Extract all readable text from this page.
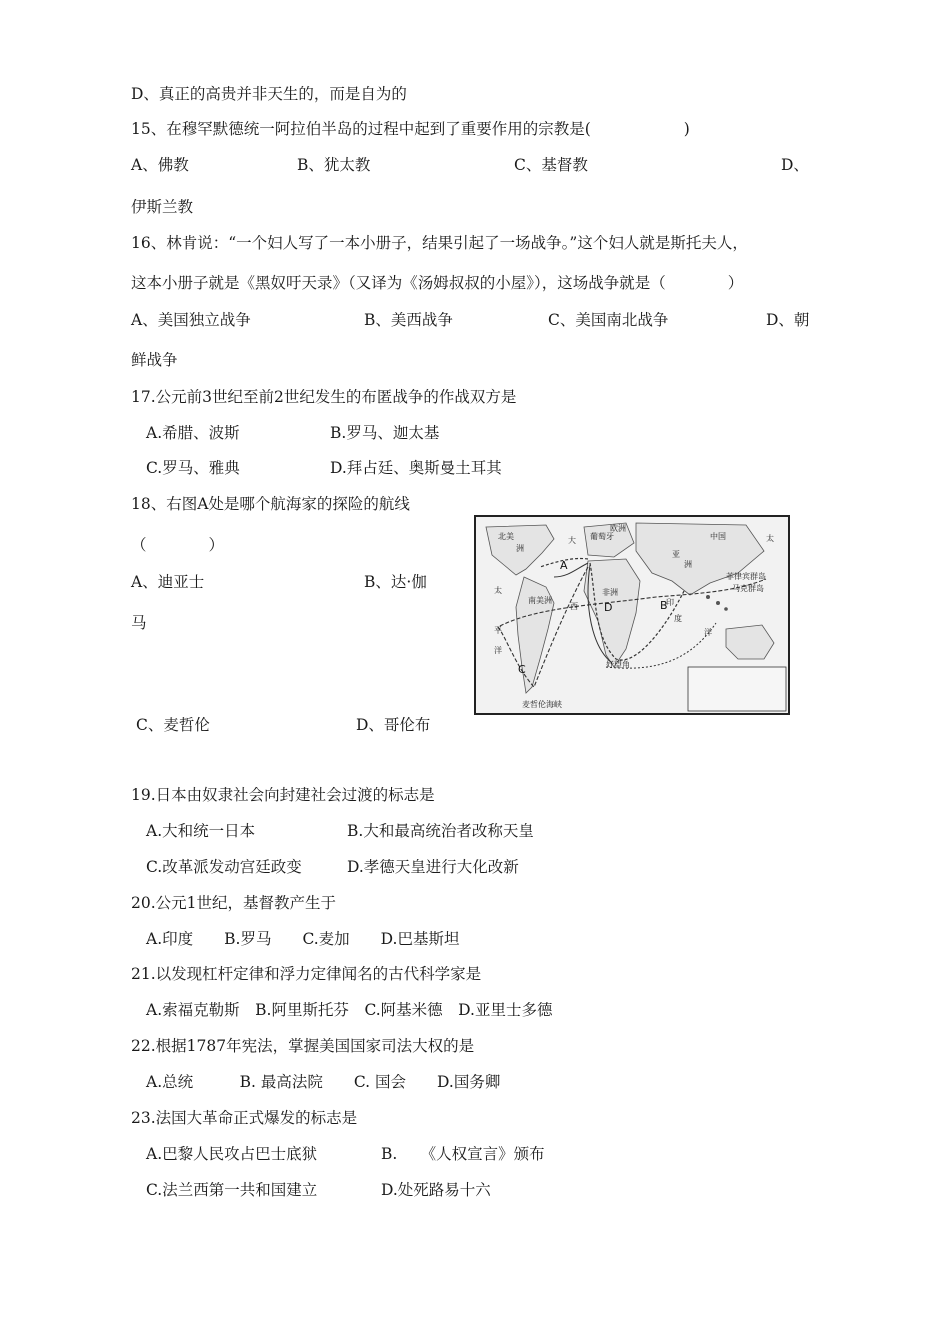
D、真正的高贵并非天生的，而是自为的
15、在穆罕默德统一阿拉伯半岛的过程中起到了重要作用的宗教是(　　　　　　)
A、佛教	B、犹太教	C、基督教	D、
伊斯兰教
16、林肯说：“一个妇人写了一本小册子，结果引起了一场战争。”这个妇人就是斯托夫人，
这本小册子就是《黑奴吁天录》（又译为《汤姆叔叔的小屋》），这场战争就是（　　　　）
A、美国独立战争	B、美西战争	C、美国南北战争	D、朝
鲜战争
17.公元前3世纪至前2世纪发生的布匿战争的作战双方是
A.希腊、波斯	B.罗马、迦太基
C.罗马、雅典	D.拜占廷、奥斯曼土耳其
18、右图A处是哪个航海家的探险的航线
（　　　　）
A、迪亚士	B、达·伽
马
C、麦哲伦	D、哥伦布
北美
洲
欧洲
亚
洲
中国
非洲
南美洲
太
平
洋
太
大
西	印
度
洋
葡萄牙
好望角
麦哲伦海峡
菲律宾群岛
马克群岛
A
B
C
D
19.日本由奴隶社会向封建社会过渡的标志是
A.大和统一日本	B.大和最高统治者改称天皇
C.改革派发动宫廷政变	D.孝德天皇进行大化改新
20.公元1世纪，基督教产生于
A.印度　　B.罗马　　C.麦加　　D.巴基斯坦
21.以发现杠杆定律和浮力定律闻名的古代科学家是
A.索福克勒斯　B.阿里斯托芬　C.阿基米德　D.亚里士多德
22.根据1787年宪法，掌握美国国家司法大权的是
A.总统　　　B. 最高法院　　C. 国会　　D.国务卿
23.法国大革命正式爆发的标志是
A.巴黎人民攻占巴士底狱	B.　　《人权宣言》颁布
C.法兰西第一共和国建立	D.处死路易十六
